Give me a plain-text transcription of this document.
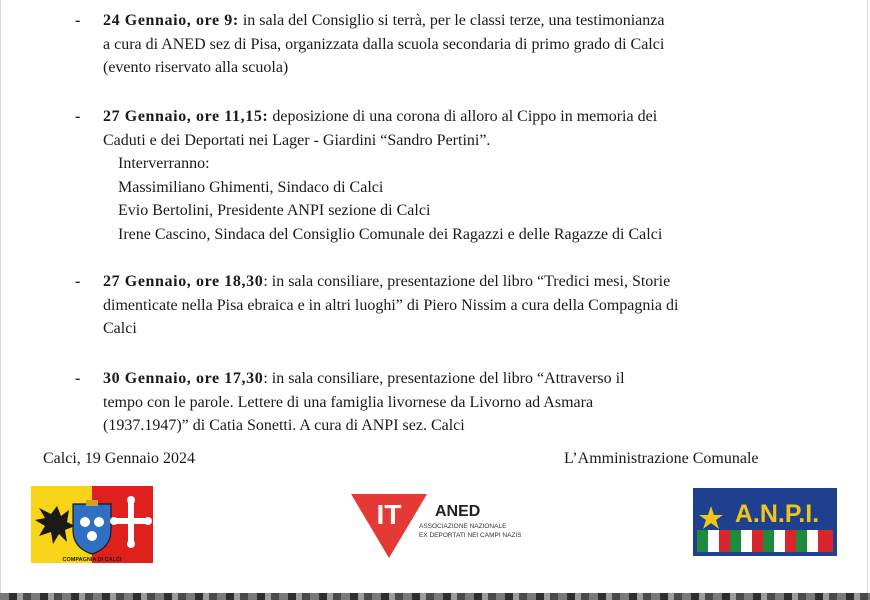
- 24 Gennaio, ore 9: in sala del Consiglio si terrà, per le classi terze, una testimonianza
a cura di ANED sez di Pisa, organizzata dalla scuola secondaria di primo grado di Calci
(evento riservato alla scuola)
- 27 Gennaio, ore 11,15: deposizione di una corona di alloro al Cippo in memoria dei
Caduti e dei Deportati nei Lager - Giardini “Sandro Pertini”.

Interverranno:
Massimiliano Ghimenti, Sindaco di Calci
Evio Bertolini, Presidente ANPI sezione di Calci
Irene Cascino, Sindaca del Consiglio Comunale dei Ragazzi e delle Ragazze di Calci
- 27 Gennaio, ore 18,30: in sala consiliare, presentazione del libro “Tredici mesi, Storie
dimenticate nella Pisa ebraica e in altri luoghi” di Piero Nissim a cura della Compagnia di
Calci
- 30 Gennaio, ore 17,30: in sala consiliare, presentazione del libro “Attraverso il
tempo con le parole. Lettere di una famiglia livornese da Livorno ad Asmara
(1937.1947)” di Catia Sonetti. A cura di ANPI sez. Calci
Calci, 19 Gennaio 2024	L’Amministrazione Comunale
COMPAGNIA DI CALCI
IT ANED
ASSOCIAZIONE NAZIONALE
EX DEPORTATI NEI CAMPI NAZISTI
A.N.P.I.
